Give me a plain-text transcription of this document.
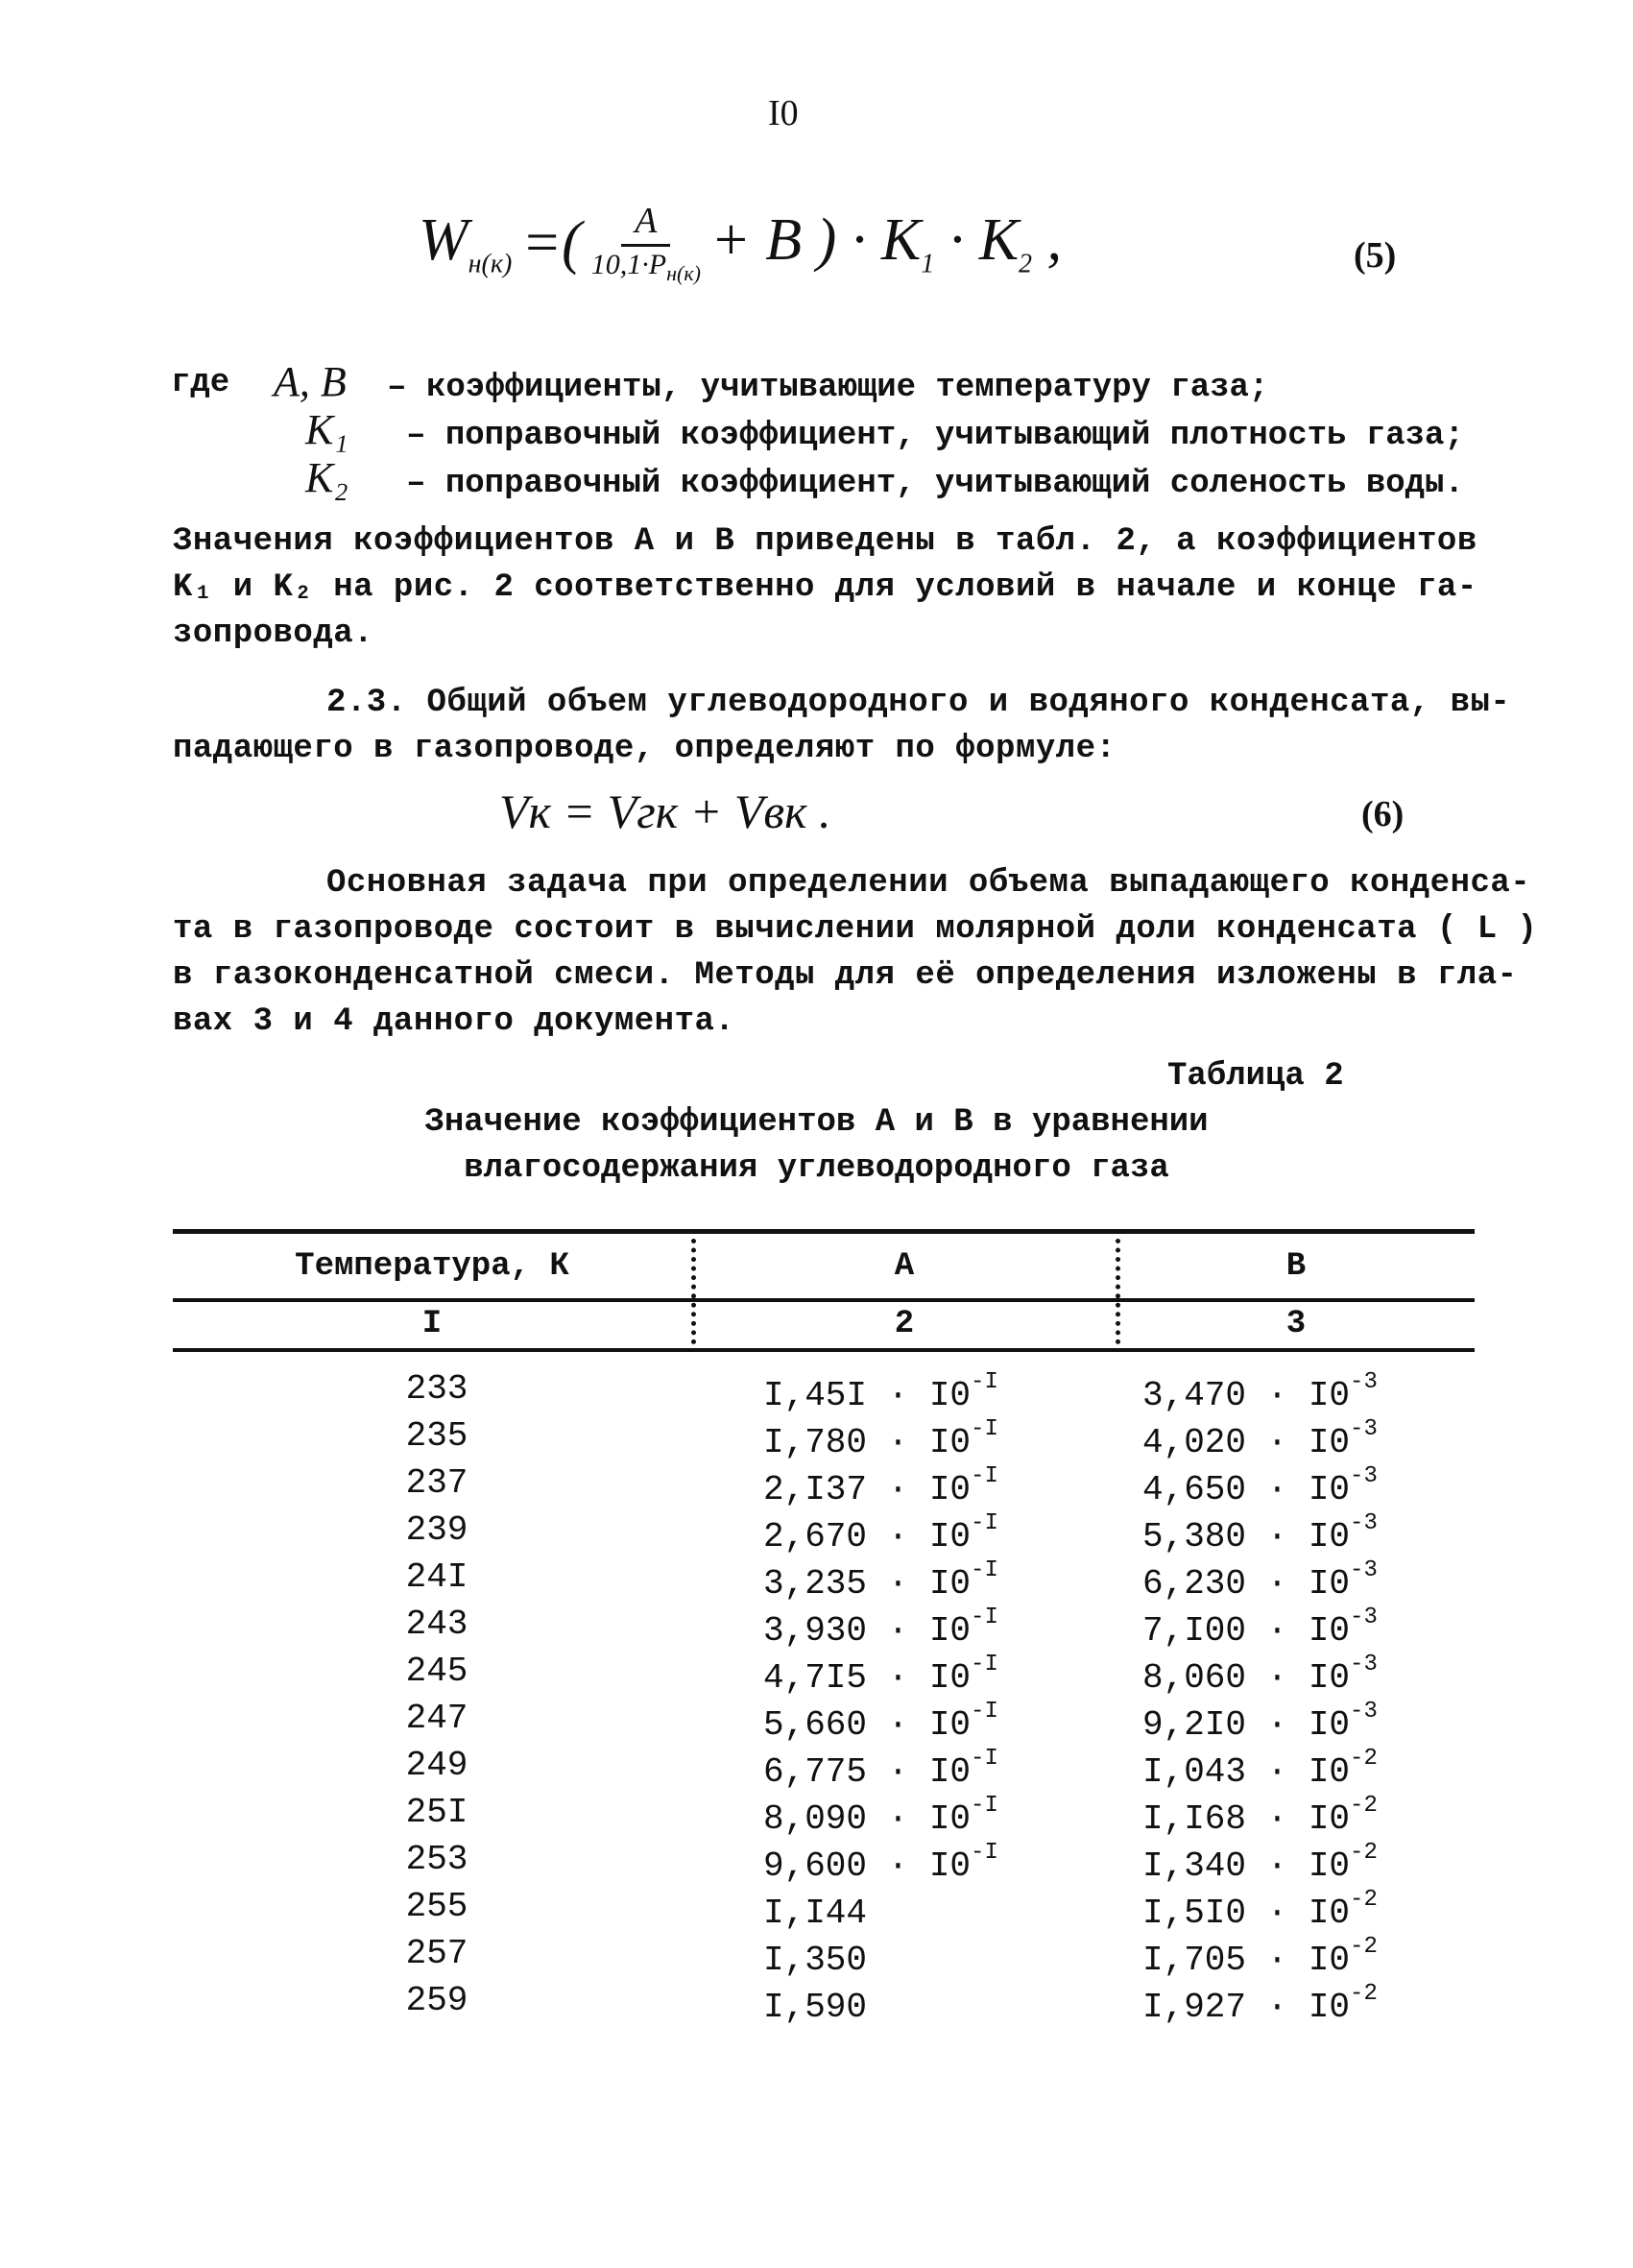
I0
$W_{н(к)}$ =( $\frac{A}{10,1\cdot P_{н(к)}} + B$ ) · $K_1 \cdot K_2$ ,	(5)
где A, B – коэффициенты, учитывающие температуру газа;
K₁ – поправочный коэффициент, учитывающий плотность газа;
K₂ – поправочный коэффициент, учитывающий соленость воды.
Значения коэффициентов A и B приведены в табл. 2, а коэффициентов
K₁ и K₂ на рис. 2 соответственно для условий в начале и конце га-
зопровода.
2.3. Общий объем углеводородного и водяного конденсата, вы-
падающего в газопроводе, определяют по формуле:
Vк = Vгк + Vвк .	(6)
Основная задача при определении объема выпадающего конденса-
та в газопроводе состоит в вычислении молярной доли конденсата ( L )
в газоконденсатной смеси. Методы для её определения изложены в гла-
вах 3 и 4 данного документа.
Таблица 2
Значение коэффициентов A и B в уравнении
влагосодержания углеводородного газа
Температура, К	A	B
I	2	3
233	$I,45I \cdot I0^{-I}$	$3,470 \cdot I0^{-3}$
235	$I,780 \cdot I0^{-I}$	$4,020 \cdot I0^{-3}$
237	$2,I37 \cdot I0^{-I}$	$4,650 \cdot I0^{-3}$
239	$2,670 \cdot I0^{-I}$	$5,380 \cdot I0^{-3}$
24I	$3,235 \cdot I0^{-I}$	$6,230 \cdot I0^{-3}$
243	$3,930 \cdot I0^{-I}$	$7,I00 \cdot I0^{-3}$
245	$4,7I5 \cdot I0^{-I}$	$8,060 \cdot I0^{-3}$
247	$5,660 \cdot I0^{-I}$	$9,2I0 \cdot I0^{-3}$
249	$6,775 \cdot I0^{-I}$	$I,043 \cdot I0^{-2}$
25I	$8,090 \cdot I0^{-I}$	$I,I68 \cdot I0^{-2}$
253	$9,600 \cdot I0^{-I}$	$I,340 \cdot I0^{-2}$
255	I,I44	$I,5I0 \cdot I0^{-2}$
257	I,350	$I,705 \cdot I0^{-2}$
259	I,590	$I,927 \cdot I0^{-2}$
